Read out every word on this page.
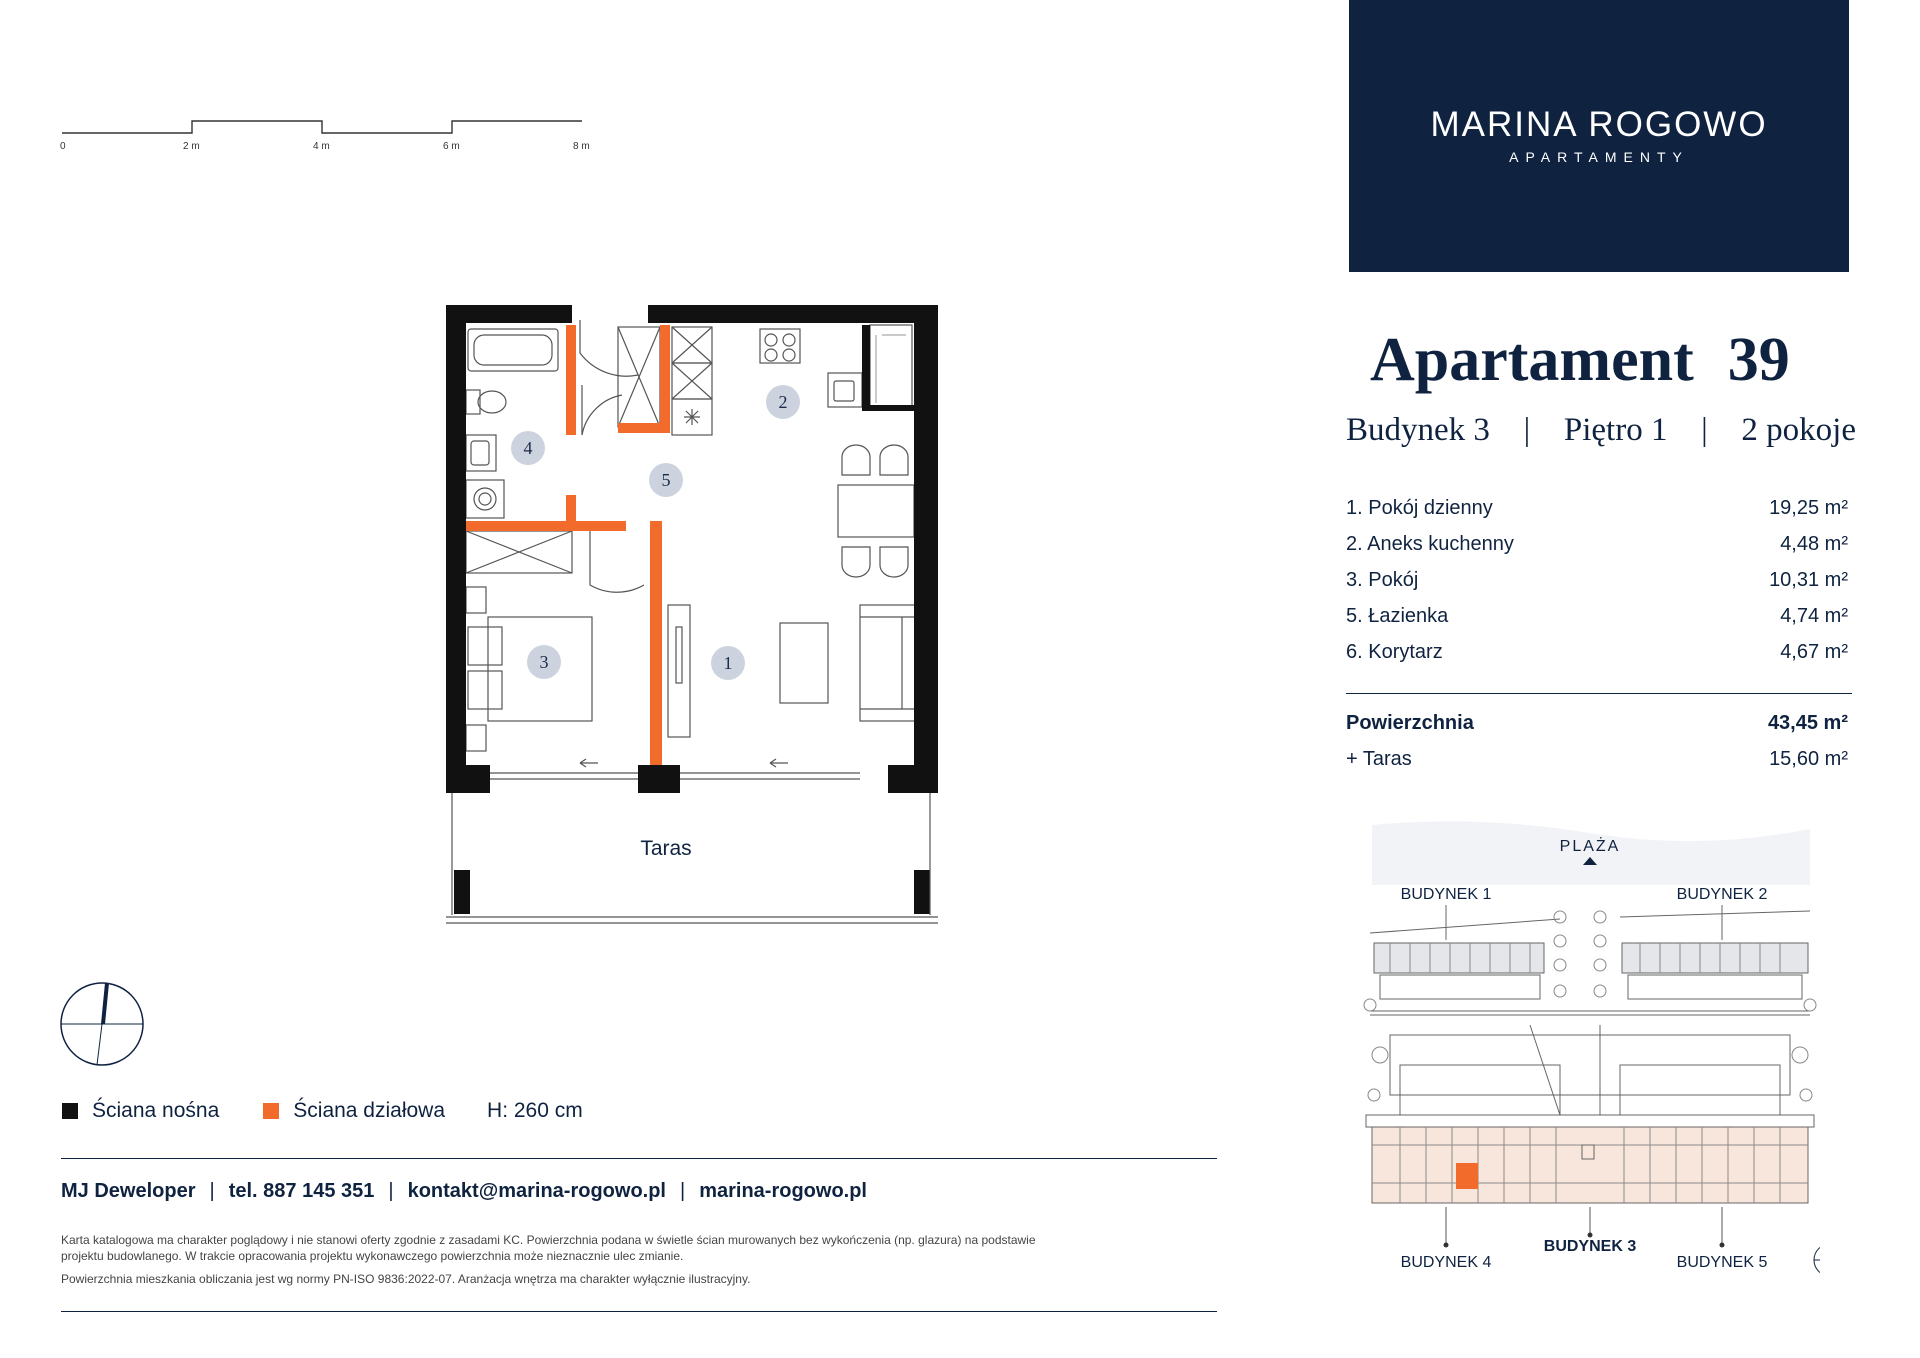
0	2 m	4 m	6 m	8 m
1
2
3
4
5
Taras
MARINA ROGOWO
APARTAMENTY
Apartament 39
Budynek 3 | Piętro 1 | 2 pokoje
1. Pokój dzienny	19,25 m²
2. Aneks kuchenny	4,48 m²
3. Pokój	10,31 m²
5. Łazienka	4,74 m²
6. Korytarz	4,67 m²
Powierzchnia	43,45 m²
+ Taras	15,60 m²
PLAŻA
BUDYNEK 1	BUDYNEK 2
BUDYNEK 4
BUDYNEK 3
BUDYNEK 5
Ściana nośna	Ściana działowa H: 260 cm
MJ Deweloper | tel. 887 145 351 | kontakt@marina-rogowo.pl | marina-rogowo.pl
Karta katalogowa ma charakter poglądowy i nie stanowi oferty zgodnie z zasadami KC. Powierzchnia podana w świetle ścian murowanych bez wykończenia (np. glazura) na podstawie
projektu budowlanego. W trakcie opracowania projektu wykonawczego powierzchnia może nieznacznie ulec zmianie.
Powierzchnia mieszkania obliczania jest wg normy PN-ISO 9836:2022-07. Aranżacja wnętrza ma charakter wyłącznie ilustracyjny.
